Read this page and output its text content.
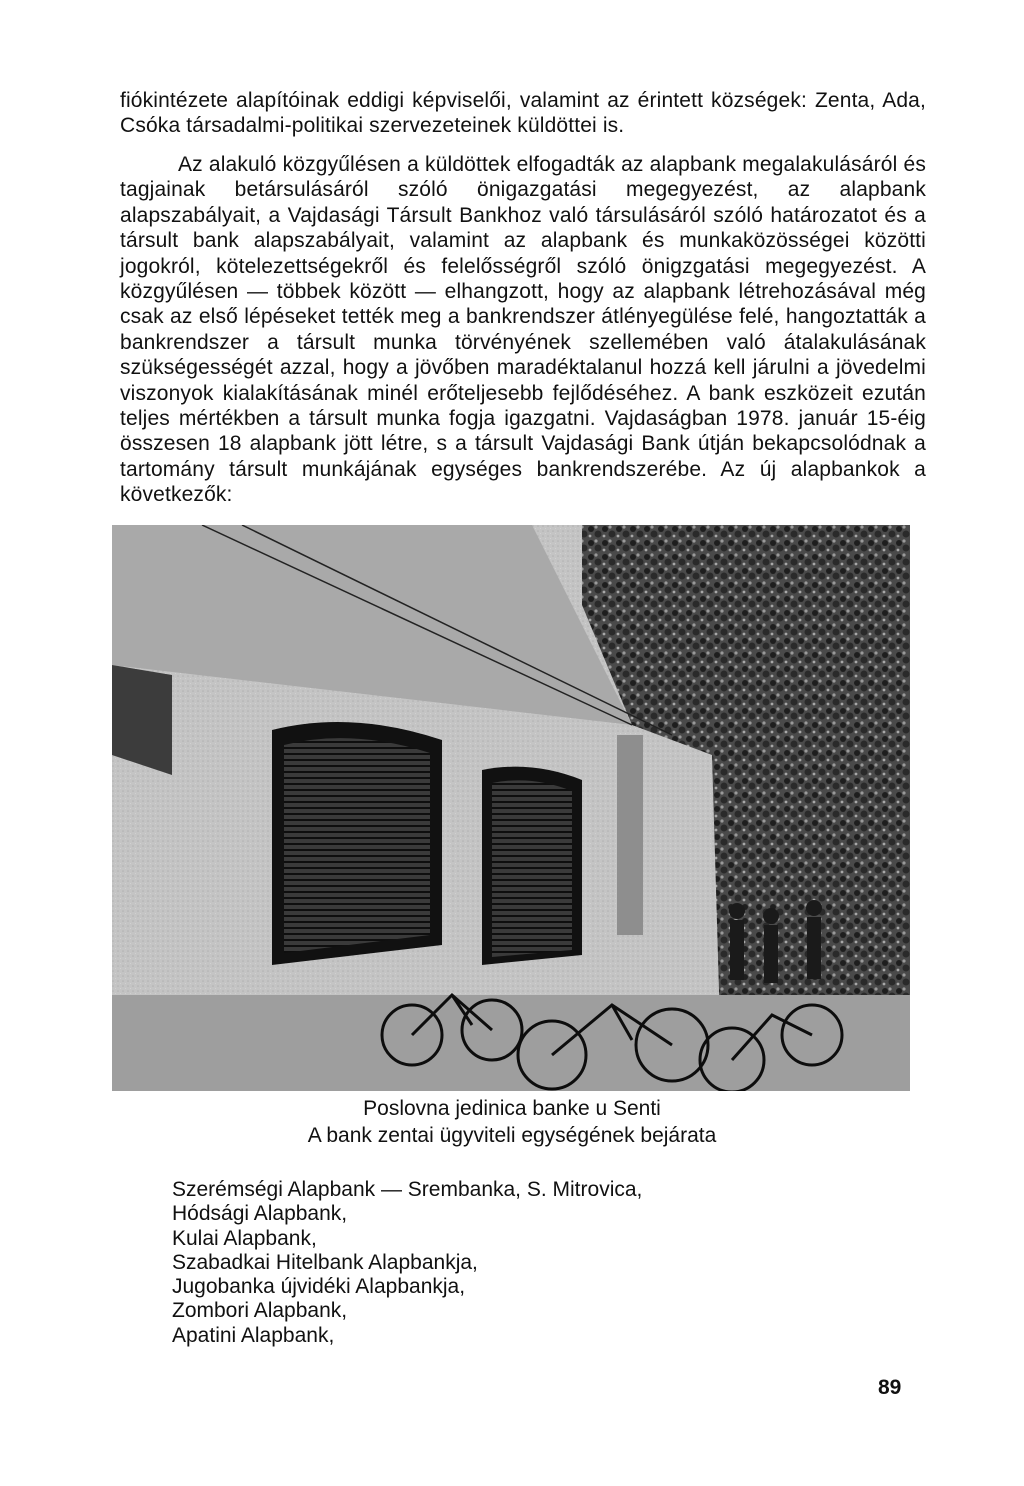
fiókintézete alapítóinak eddigi képviselői, valamint az érintett községek: Zenta, Ada, Csóka társadalmi-politikai szervezeteinek küldöttei is.

Az alakuló közgyűlésen a küldöttek elfogadták az alapbank megalakulásáról és tagjainak betársulásáról szóló önigazgatási megegyezést, az alapbank alapszabályait, a Vajdasági Társult Bankhoz való társulásáról szóló határozatot és a társult bank alapszabályait, valamint az alapbank és munkaközösségei közötti jogokról, kötelezettségekről és felelősségről szóló önigzgatási megegyezést. A közgyűlésen — többek között — elhangzott, hogy az alapbank létrehozásával még csak az első lépéseket tették meg a bankrendszer átlényegülése felé, hangoztatták a bankrendszer a társult munka törvényének szellemében való átalakulásának szükségességét azzal, hogy a jövőben maradéktalanul hozzá kell járulni a jövedelmi viszonyok kialakításának minél erőteljesebb fejlődéséhez. A bank eszközeit ezután teljes mértékben a társult munka fogja igazgatni. Vajdaságban 1978. január 15-éig összesen 18 alapbank jött létre, s a társult Vajdasági Bank útján bekapcsolódnak a tartomány társult munkájának egységes bankrendszerébe. Az új alapbankok a következők:

Poslovna jedinica banke u Senti
A bank zentai ügyviteli egységének bejárata
Szerémségi Alapbank — Srembanka, S. Mitrovica,
Hódsági Alapbank,
Kulai Alapbank,
Szabadkai Hitelbank Alapbankja,
Jugobanka újvidéki Alapbankja,
Zombori Alapbank,
Apatini Alapbank,
89
